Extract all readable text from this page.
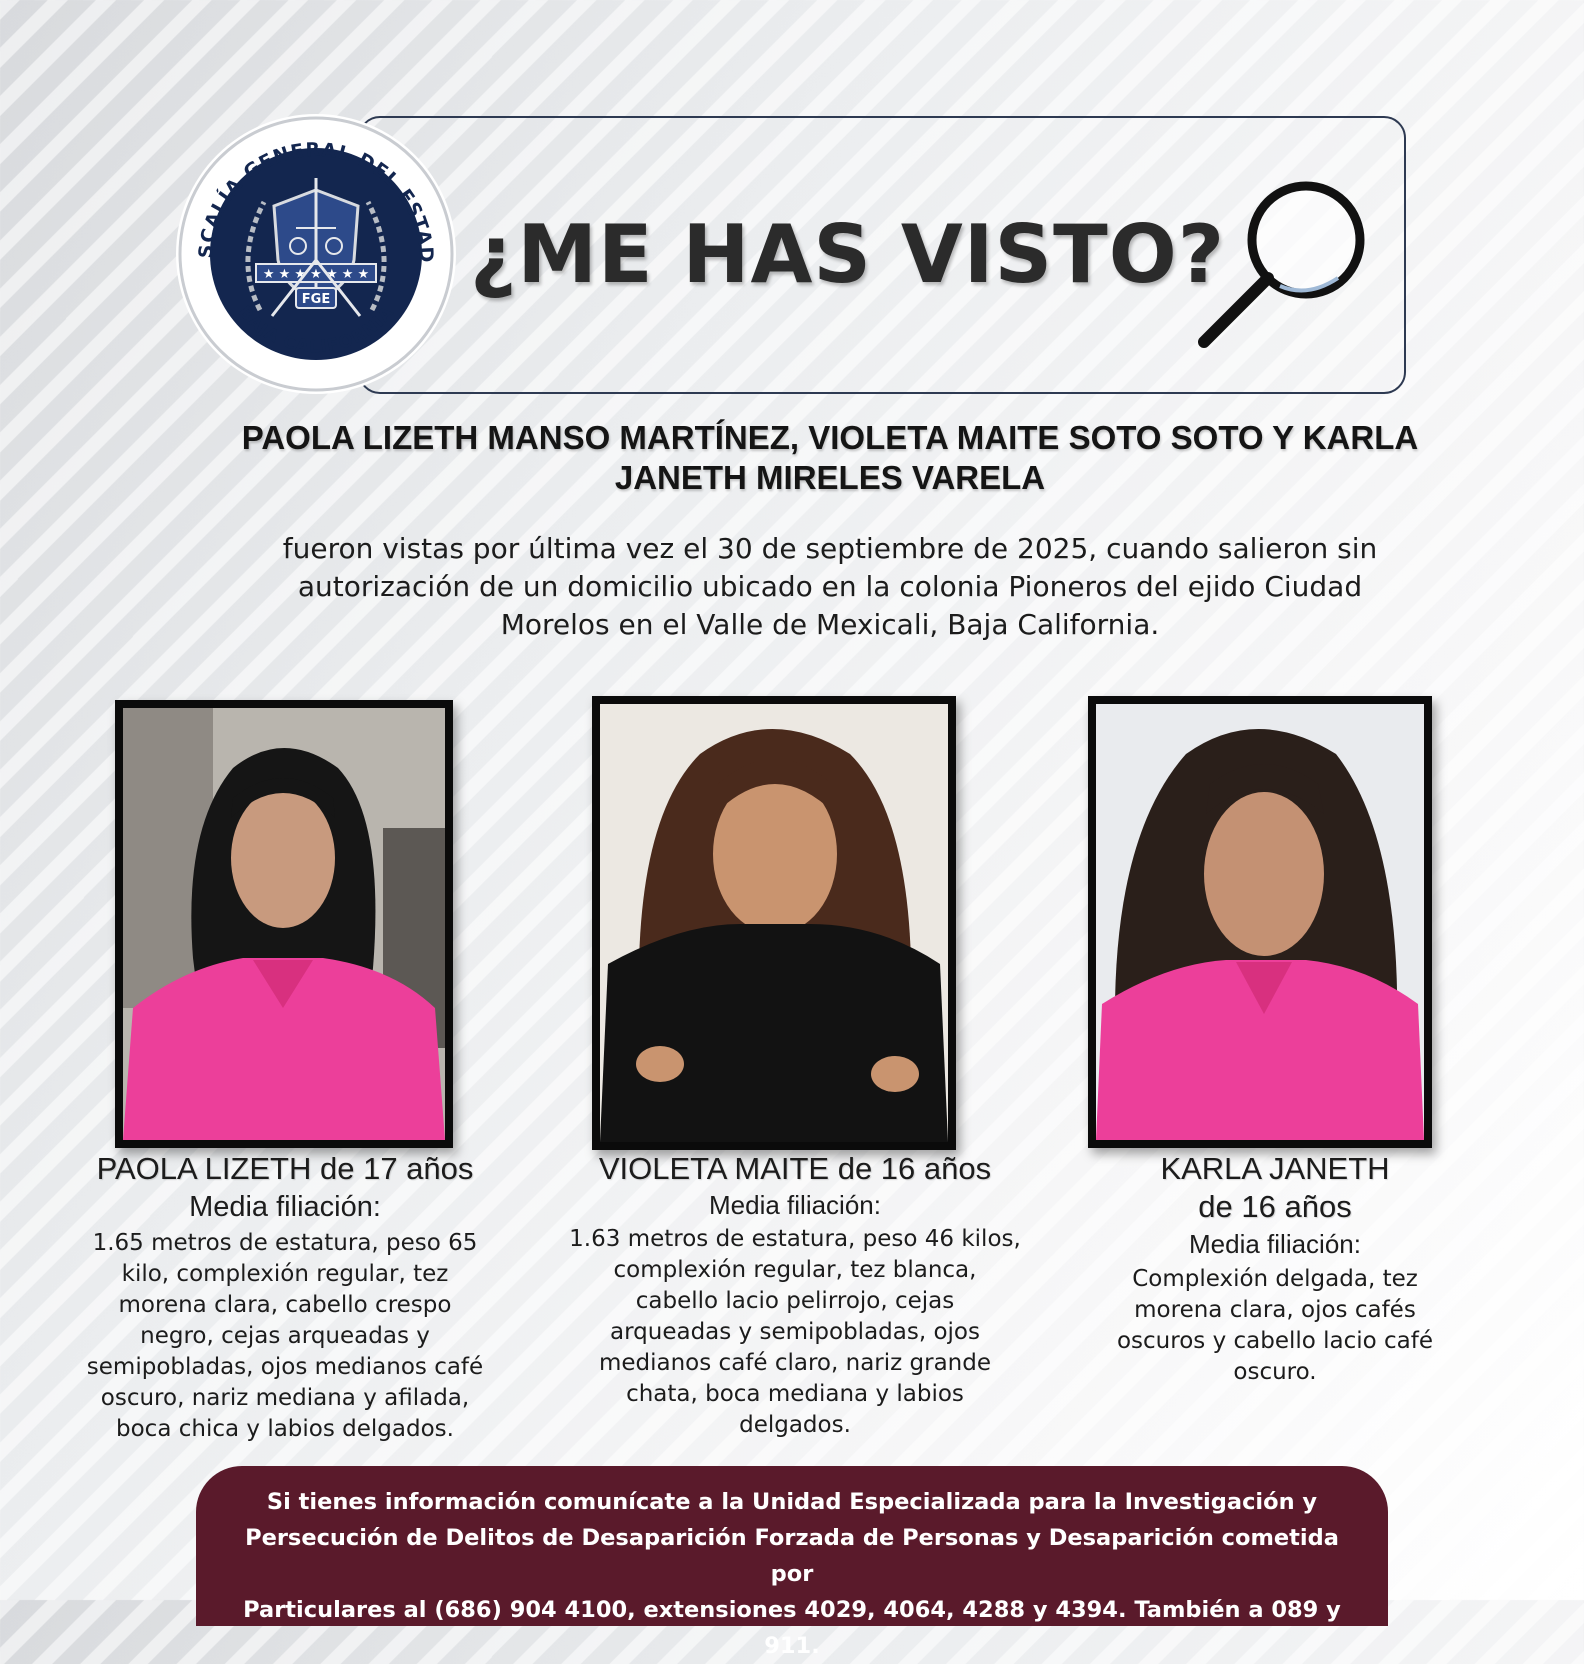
SCALÍA GENERAL DEL ESTAD
BAJA CALIFORNIA
★ ★ ★ ★ ★ ★ ★
FGE ¿ME HAS VISTO?
PAOLA LIZETH MANSO MARTÍNEZ, VIOLETA MAITE SOTO SOTO Y KARLA
JANETH MIRELES VARELA
fueron vistas por última vez el 30 de septiembre de 2025, cuando salieron sin
autorización de un domicilio ubicado en la colonia Pioneros del ejido Ciudad
Morelos en el Valle de Mexicali, Baja California.
PAOLA LIZETH de 17 años
Media filiación:
1.65 metros de estatura, peso 65
kilo, complexión regular, tez
morena clara, cabello crespo
negro, cejas arqueadas y
semipobladas, ojos medianos café
oscuro, nariz mediana y afilada,
boca chica y labios delgados.
VIOLETA MAITE de 16 años
Media filiación:
1.63 metros de estatura, peso 46 kilos,
complexión regular, tez blanca,
cabello lacio pelirrojo, cejas
arqueadas y semipobladas, ojos
medianos café claro, nariz grande
chata, boca mediana y labios
delgados.
KARLA JANETH
de 16 años
Media filiación:
Complexión delgada, tez
morena clara, ojos cafés
oscuros y cabello lacio café
oscuro.
Si tienes información comunícate a la Unidad Especializada para la Investigación y
Persecución de Delitos de Desaparición Forzada de Personas y Desaparición cometida por
Particulares al (686) 904 4100, extensiones 4029, 4064, 4288 y 4394. También a 089 y 911.
